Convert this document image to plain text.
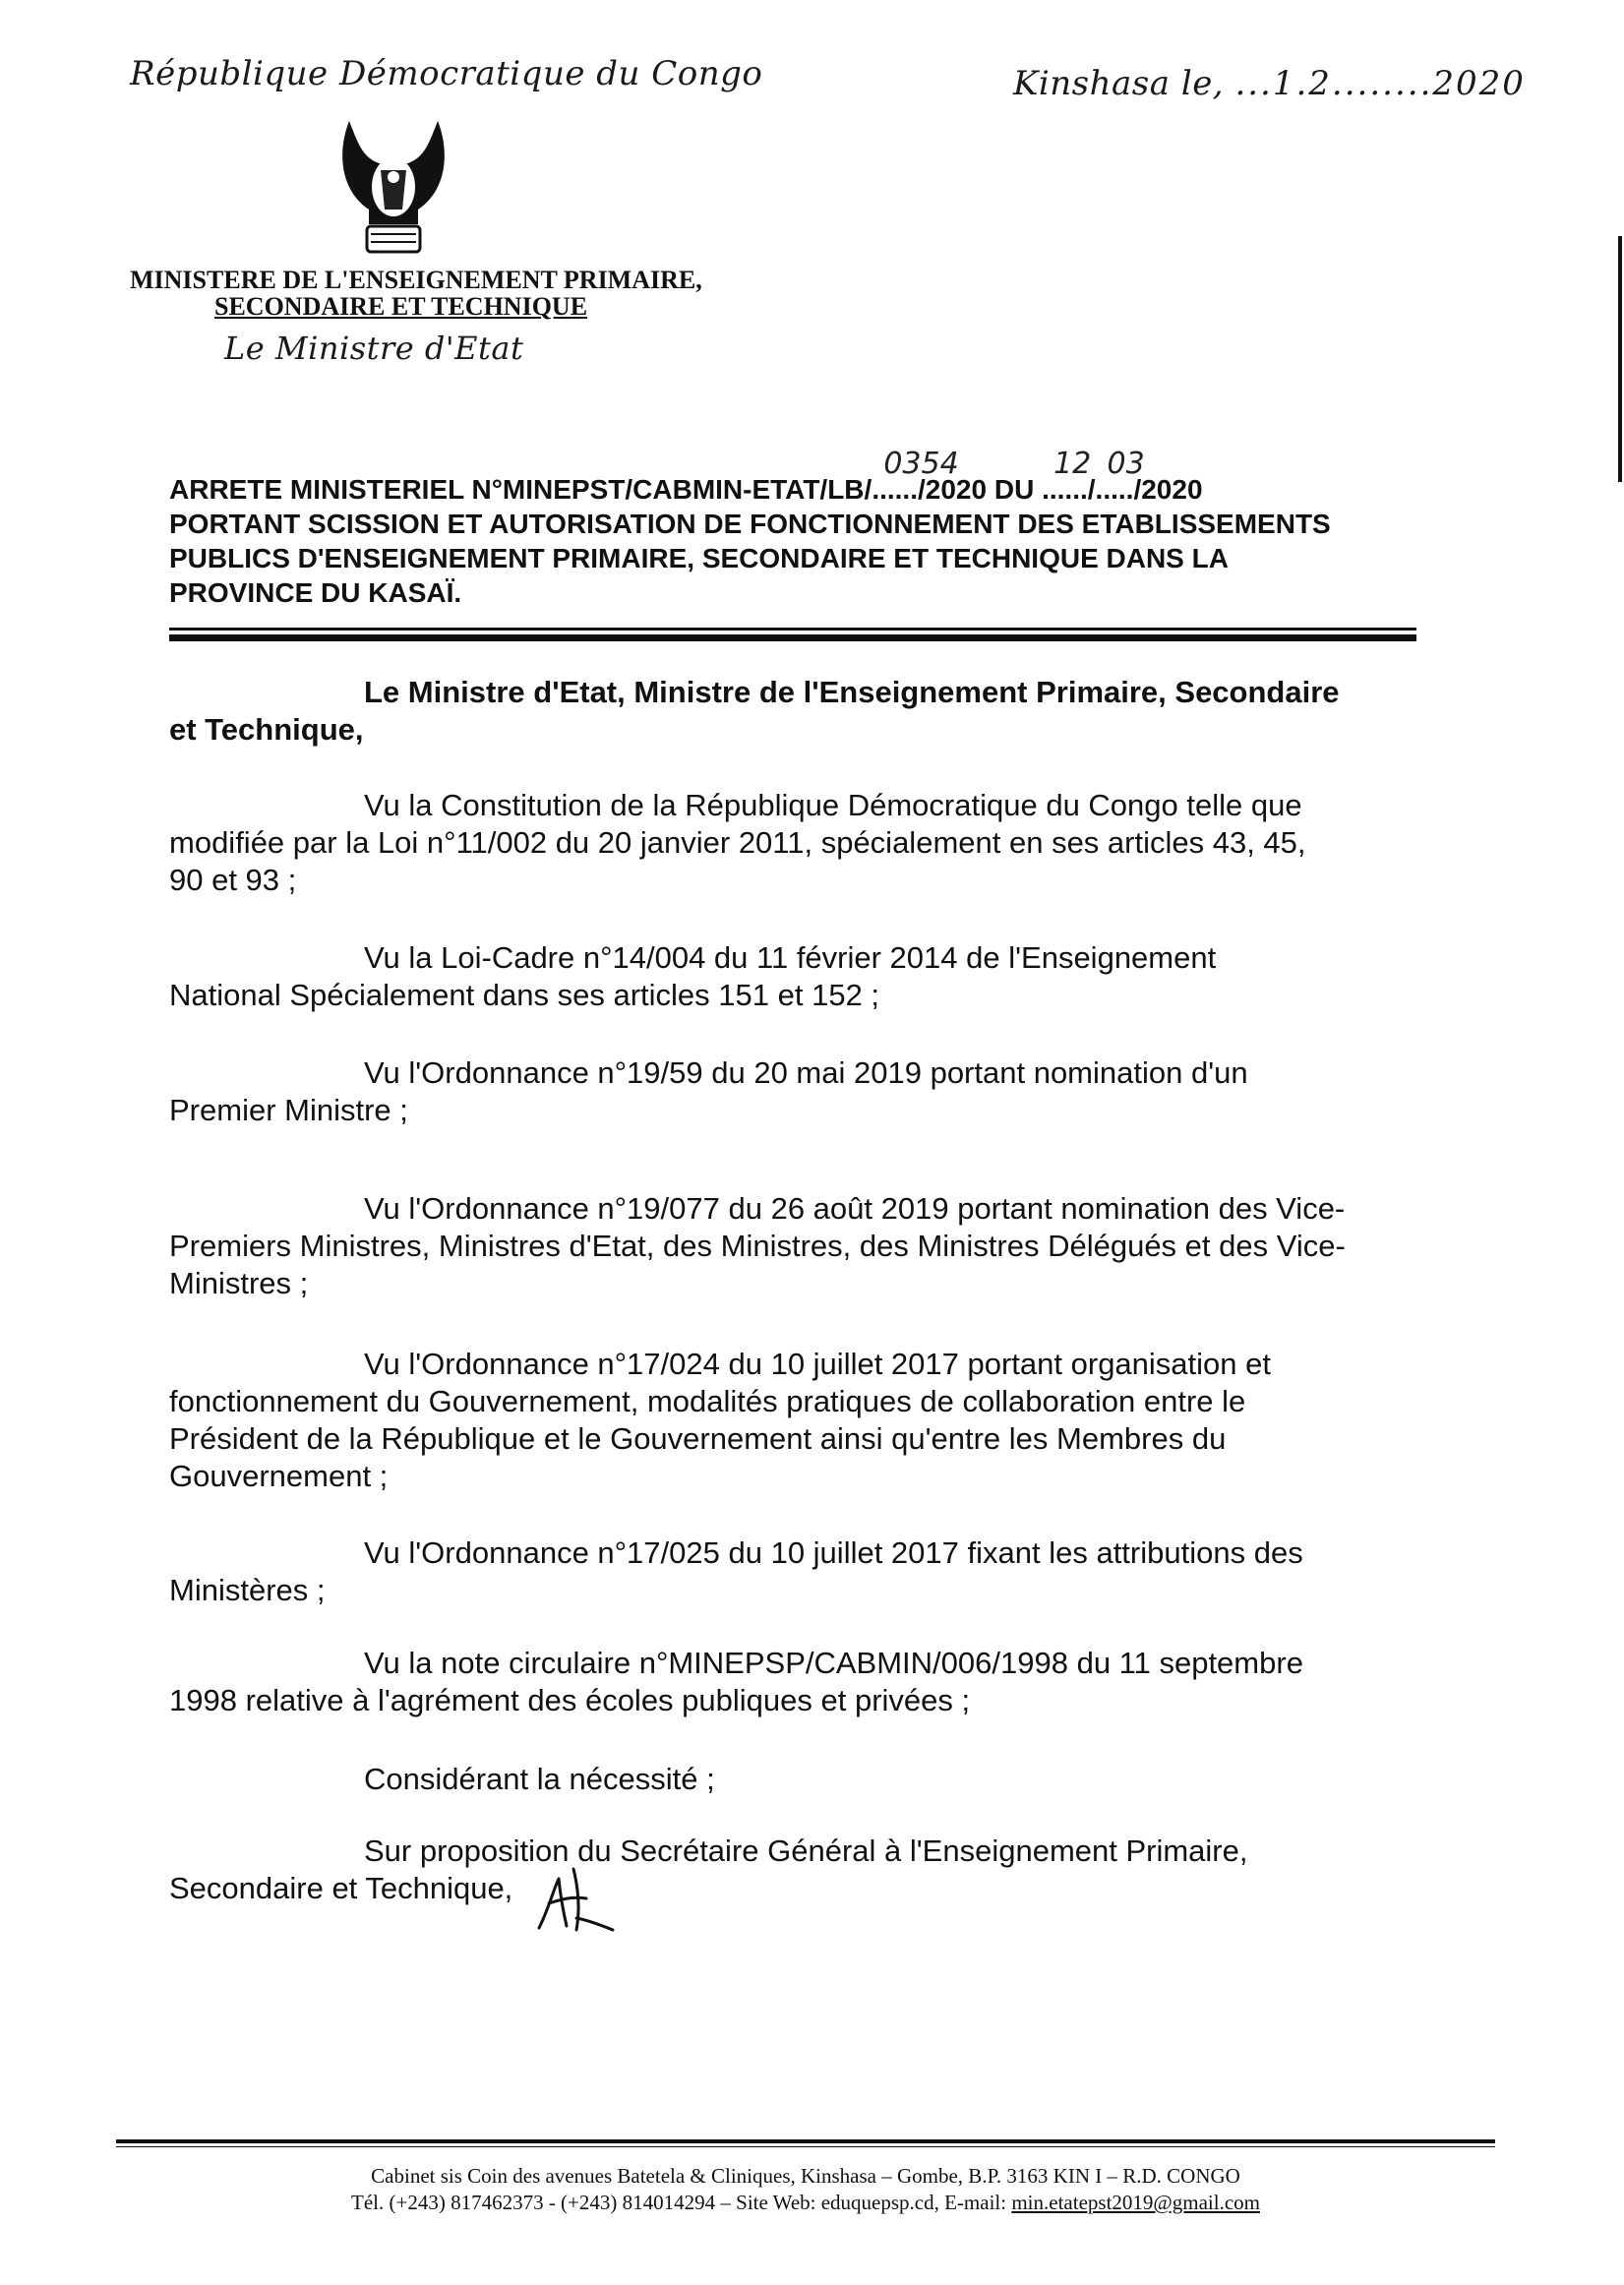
République Démocratique du Congo	Kinshasa le, ...1.2........2020
MINISTERE DE L'ENSEIGNEMENT PRIMAIRE,
SECONDAIRE ET TECHNIQUE
Le Ministre d'Etat
ARRETE MINISTERIEL N°MINEPST/CABMIN-ETAT/LB/......
0354
/2020 DU ......
12
/.....
03
/2020
PORTANT SCISSION ET AUTORISATION DE FONCTIONNEMENT DES ETABLISSEMENTS
PUBLICS D'ENSEIGNEMENT PRIMAIRE, SECONDAIRE ET TECHNIQUE DANS LA
PROVINCE DU KASAÏ.
Le Ministre d'Etat, Ministre de l'Enseignement Primaire, Secondaire
et Technique,
Vu la Constitution de la République Démocratique du Congo telle que
modifiée par la Loi n°11/002 du 20 janvier 2011, spécialement en ses articles 43, 45,
90 et 93 ;
Vu la Loi-Cadre n°14/004 du 11 février 2014 de l'Enseignement
National Spécialement dans ses articles 151 et 152 ;
Vu l'Ordonnance n°19/59 du 20 mai 2019 portant nomination d'un
Premier Ministre ;
Vu l'Ordonnance n°19/077 du 26 août 2019 portant nomination des Vice-
Premiers Ministres, Ministres d'Etat, des Ministres, des Ministres Délégués et des Vice-
Ministres ;
Vu l'Ordonnance n°17/024 du 10 juillet 2017 portant organisation et
fonctionnement du Gouvernement, modalités pratiques de collaboration entre le
Président de la République et le Gouvernement ainsi qu'entre les Membres du
Gouvernement ;
Vu l'Ordonnance n°17/025 du 10 juillet 2017 fixant les attributions des
Ministères ;
Vu la note circulaire n°MINEPSP/CABMIN/006/1998 du 11 septembre
1998 relative à l'agrément des écoles publiques et privées ;
Considérant la nécessité ;
Sur proposition du Secrétaire Général à l'Enseignement Primaire,
Secondaire et Technique,
Cabinet sis Coin des avenues Batetela & Cliniques, Kinshasa – Gombe, B.P. 3163 KIN I – R.D. CONGO
Tél. (+243) 817462373 - (+243) 814014294 – Site Web: eduquepsp.cd, E-mail: min.etatepst2019@gmail.com
